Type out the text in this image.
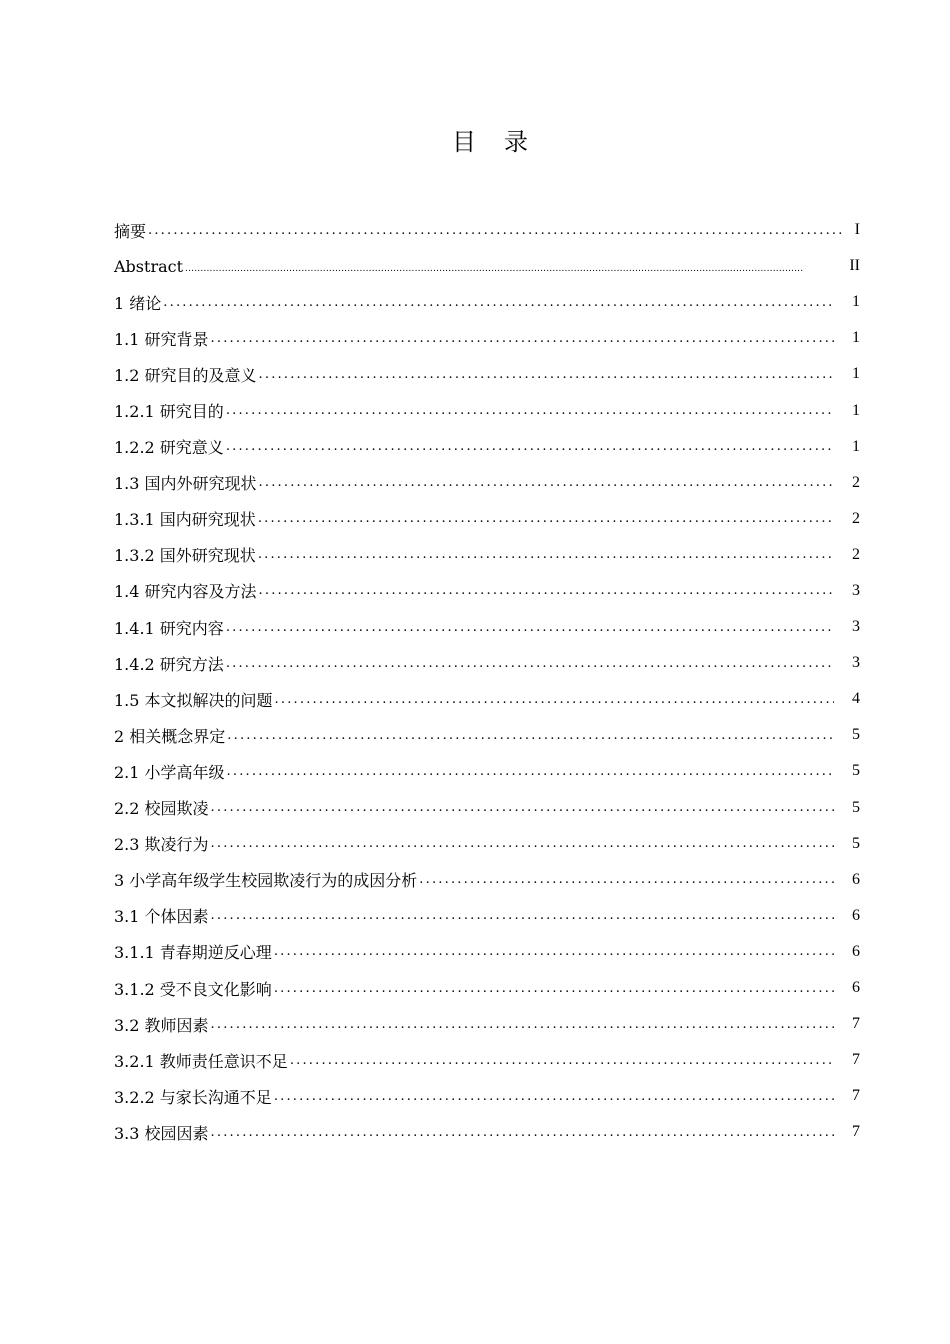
目　录
摘要 .....	I
Abstract .....	II
1 绪论 .....	1
1.1 研究背景 .....	1
1.2 研究目的及意义 .....	1
1.2.1 研究目的 .....	1
1.2.2 研究意义 .....	1
1.3 国内外研究现状 .....	2
1.3.1 国内研究现状 .....	2
1.3.2 国外研究现状 .....	2
1.4 研究内容及方法 .....	3
1.4.1 研究内容 .....	3
1.4.2 研究方法 .....	3
1.5 本文拟解决的问题 .....	4
2 相关概念界定 .....	5
2.1 小学高年级 .....	5
2.2 校园欺凌 .....	5
2.3 欺凌行为 .....	5
3 小学高年级学生校园欺凌行为的成因分析 .....	6
3.1 个体因素 .....	6
3.1.1 青春期逆反心理 .....	6
3.1.2 受不良文化影响 .....	6
3.2 教师因素 .....	7
3.2.1 教师责任意识不足 .....	7
3.2.2 与家长沟通不足 .....	7
3.3 校园因素 .....	7
